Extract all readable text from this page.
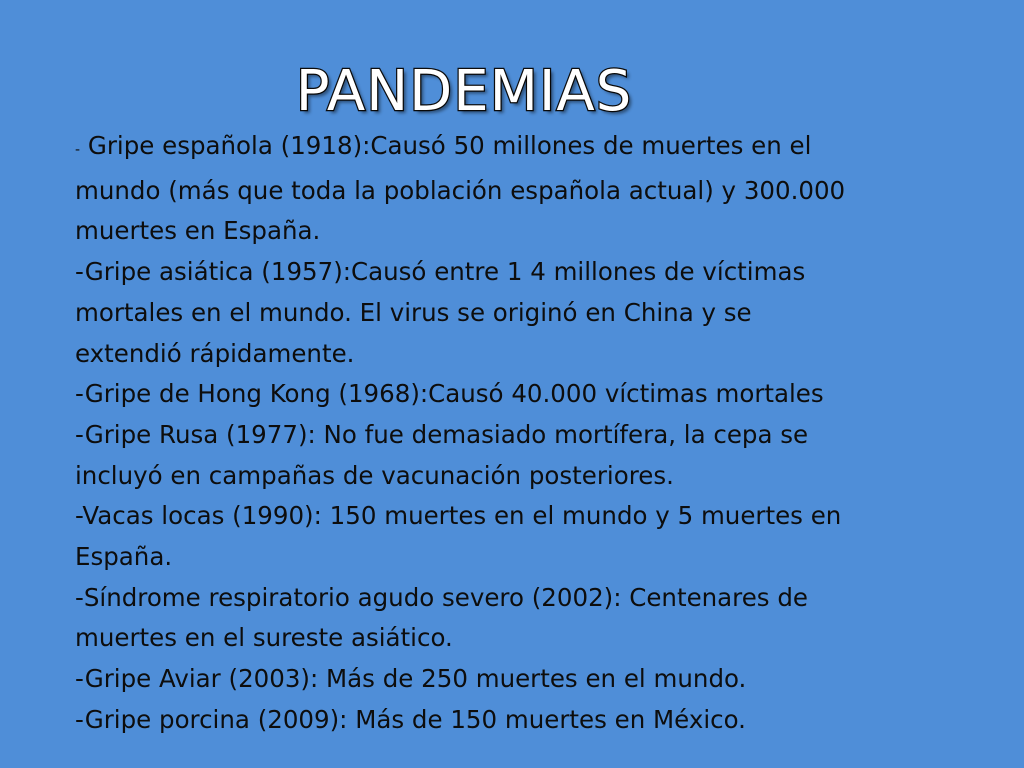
PANDEMIAS
- Gripe española (1918):Causó 50 millones de muertes en el
mundo (más que toda la población española actual) y 300.000
muertes en España.
-Gripe asiática (1957):Causó entre 1 4 millones de víctimas
mortales en el mundo. El virus se originó en China y se
extendió rápidamente.
-Gripe de Hong Kong (1968):Causó 40.000 víctimas mortales
-Gripe Rusa (1977): No fue demasiado mortífera, la cepa se
incluyó en campañas de vacunación posteriores.
-Vacas locas (1990): 150 muertes en el mundo y 5 muertes en
España.
-Síndrome respiratorio agudo severo (2002): Centenares de
muertes en el sureste asiático.
-Gripe Aviar (2003): Más de 250 muertes en el mundo.
-Gripe porcina (2009): Más de 150 muertes en México.
